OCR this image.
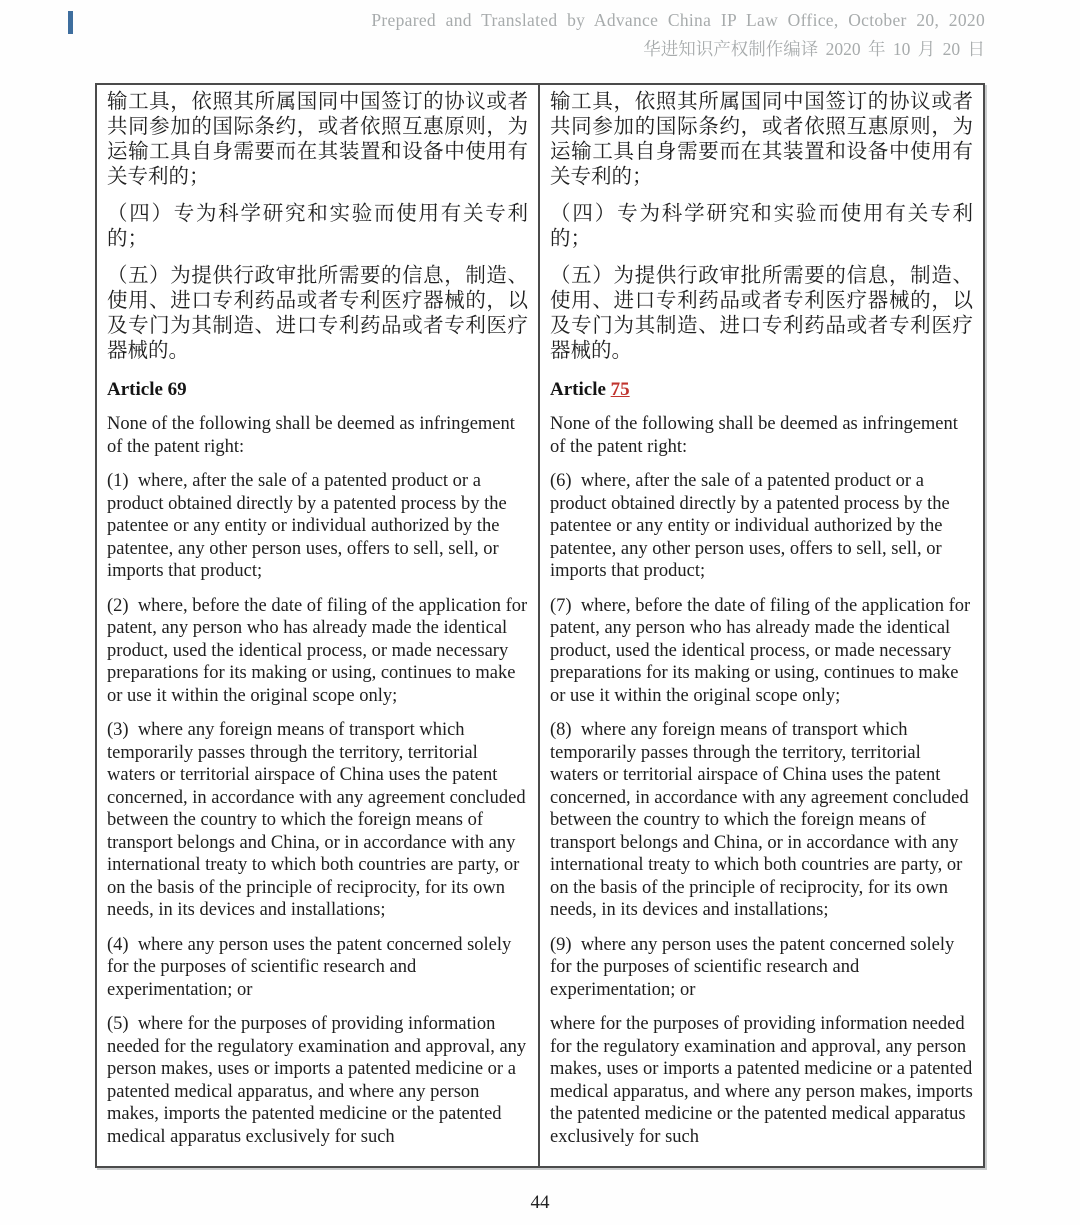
Prepared and Translated by Advance China IP Law Office, October 20, 2020
华进知识产权制作编译 2020 年 10 月 20 日

输工具，依照其所属国同中国签订的协议或者共同参加的国际条约，或者依照互惠原则，为运输工具自身需要而在其装置和设备中使用有关专利的；

（四）专为科学研究和实验而使用有关专利的；

（五）为提供行政审批所需要的信息，制造、使用、进口专利药品或者专利医疗器械的，以及专门为其制造、进口专利药品或者专利医疗器械的。

Article 69

None of the following shall be deemed as infringement of the patent right:

(1)  where, after the sale of a patented product or a product obtained directly by a patented process by the patentee or any entity or individual authorized by the patentee, any other person uses, offers to sell, sell, or imports that product;

(2)  where, before the date of filing of the application for patent, any person who has already made the identical product, used the identical process, or made necessary preparations for its making or using, continues to make or use it within the original scope only;

(3)  where any foreign means of transport which temporarily passes through the territory, territorial waters or territorial airspace of China uses the patent concerned, in accordance with any agreement concluded between the country to which the foreign means of transport belongs and China, or in accordance with any international treaty to which both countries are party, or on the basis of the principle of reciprocity, for its own needs, in its devices and installations;

(4)  where any person uses the patent concerned solely for the purposes of scientific research and experimentation; or

(5)  where for the purposes of providing information needed for the regulatory examination and approval, any person makes, uses or imports a patented medicine or a patented medical apparatus, and where any person makes, imports the patented medicine or the patented medical apparatus exclusively for such

输工具，依照其所属国同中国签订的协议或者共同参加的国际条约，或者依照互惠原则，为运输工具自身需要而在其装置和设备中使用有关专利的；

（四）专为科学研究和实验而使用有关专利的；

（五）为提供行政审批所需要的信息，制造、使用、进口专利药品或者专利医疗器械的，以及专门为其制造、进口专利药品或者专利医疗器械的。

Article 75

None of the following shall be deemed as infringement of the patent right:

(6)  where, after the sale of a patented product or a product obtained directly by a patented process by the patentee or any entity or individual authorized by the patentee, any other person uses, offers to sell, sell, or imports that product;

(7)  where, before the date of filing of the application for patent, any person who has already made the identical product, used the identical process, or made necessary preparations for its making or using, continues to make or use it within the original scope only;

(8)  where any foreign means of transport which temporarily passes through the territory, territorial waters or territorial airspace of China uses the patent concerned, in accordance with any agreement concluded between the country to which the foreign means of transport belongs and China, or in accordance with any international treaty to which both countries are party, or on the basis of the principle of reciprocity, for its own needs, in its devices and installations;

(9)  where any person uses the patent concerned solely for the purposes of scientific research and experimentation; or

where for the purposes of providing information needed for the regulatory examination and approval, any person makes, uses or imports a patented medicine or a patented medical apparatus, and where any person makes, imports the patented medicine or the patented medical apparatus exclusively for such

44
